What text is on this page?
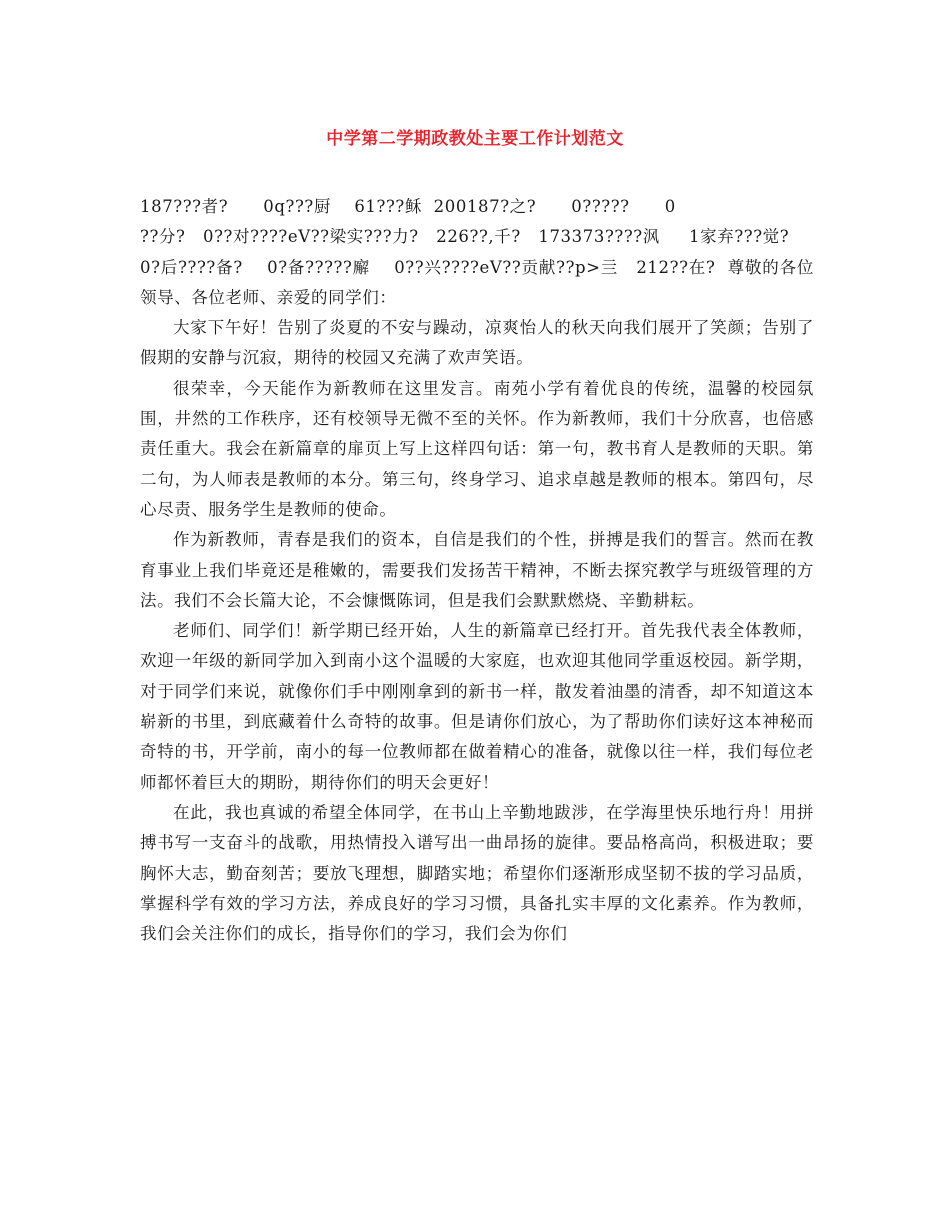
中学第二学期政教处主要工作计划范文

187???者?      0q???厨    61???稣  200187?之?      0?????      0
??分?   0??对????eV??梁实???力?   226??,千?   173373????沨     1家弃???觉?
0?后????备?    0?备?????廨    0??兴????eV??贡献??p>亖   212??在?  尊敬的各位领导、各位老师、亲爱的同学们：

大家下午好！告别了炎夏的不安与躁动，凉爽怡人的秋天向我们展开了笑颜；告别了假期的安静与沉寂，期待的校园又充满了欢声笑语。

很荣幸，今天能作为新教师在这里发言。南苑小学有着优良的传统，温馨的校园氛围，井然的工作秩序，还有校领导无微不至的关怀。作为新教师，我们十分欣喜，也倍感责任重大。我会在新篇章的扉页上写上这样四句话：第一句，教书育人是教师的天职。第二句，为人师表是教师的本分。第三句，终身学习、追求卓越是教师的根本。第四句，尽心尽责、服务学生是教师的使命。

作为新教师，青春是我们的资本，自信是我们的个性，拼搏是我们的誓言。然而在教育事业上我们毕竟还是稚嫩的，需要我们发扬苦干精神，不断去探究教学与班级管理的方法。我们不会长篇大论，不会慷慨陈词，但是我们会默默燃烧、辛勤耕耘。

老师们、同学们！新学期已经开始，人生的新篇章已经打开。首先我代表全体教师，欢迎一年级的新同学加入到南小这个温暖的大家庭，也欢迎其他同学重返校园。新学期，对于同学们来说，就像你们手中刚刚拿到的新书一样，散发着油墨的清香，却不知道这本崭新的书里，到底藏着什么奇特的故事。但是请你们放心，为了帮助你们读好这本神秘而奇特的书，开学前，南小的每一位教师都在做着精心的准备，就像以往一样，我们每位老师都怀着巨大的期盼，期待你们的明天会更好！

在此，我也真诚的希望全体同学，在书山上辛勤地跋涉，在学海里快乐地行舟！用拼搏书写一支奋斗的战歌，用热情投入谱写出一曲昂扬的旋律。要品格高尚，积极进取；要胸怀大志，勤奋刻苦；要放飞理想，脚踏实地；希望你们逐渐形成坚韧不拔的学习品质，掌握科学有效的学习方法，养成良好的学习习惯，具备扎实丰厚的文化素养。作为教师，我们会关注你们的成长，指导你们的学习，我们会为你们
